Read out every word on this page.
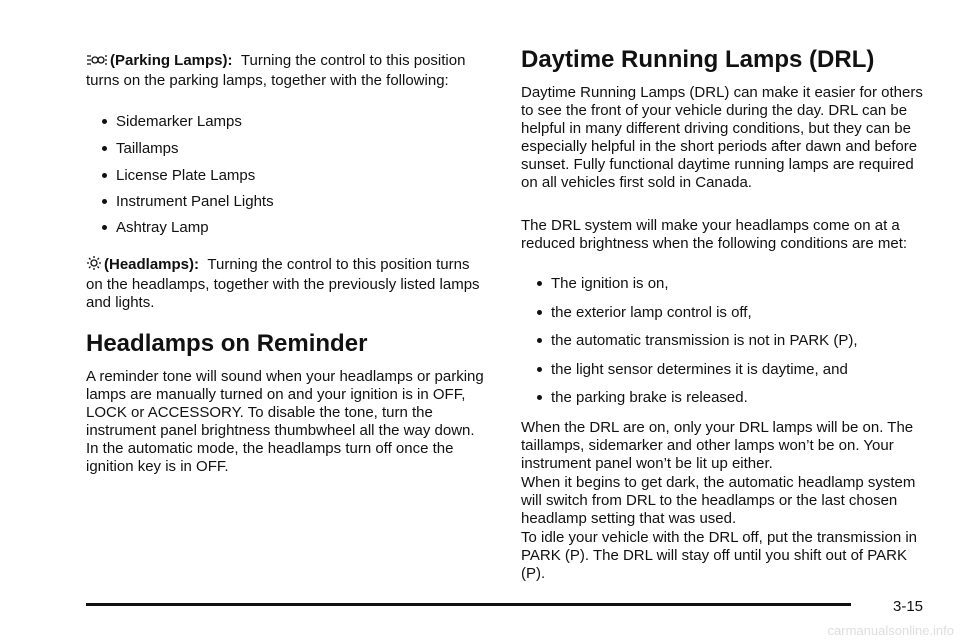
(Parking Lamps): Turning the control to this position turns on the parking lamps, together with the following:

Sidemarker Lamps
Taillamps
License Plate Lamps
Instrument Panel Lights
Ashtray Lamp

(Headlamps): Turning the control to this position turns on the headlamps, together with the previously listed lamps and lights.

Headlamps on Reminder

A reminder tone will sound when your headlamps or parking lamps are manually turned on and your ignition is in OFF, LOCK or ACCESSORY. To disable the tone, turn the instrument panel brightness thumbwheel all the way down. In the automatic mode, the headlamps turn off once the ignition key is in OFF.

Daytime Running Lamps (DRL)

Daytime Running Lamps (DRL) can make it easier for others to see the front of your vehicle during the day. DRL can be helpful in many different driving conditions, but they can be especially helpful in the short periods after dawn and before sunset. Fully functional daytime running lamps are required on all vehicles first sold in Canada.

The DRL system will make your headlamps come on at a reduced brightness when the following conditions are met:

The ignition is on,
the exterior lamp control is off,
the automatic transmission is not in PARK (P),
the light sensor determines it is daytime, and
the parking brake is released.

When the DRL are on, only your DRL lamps will be on. The taillamps, sidemarker and other lamps won’t be on. Your instrument panel won’t be lit up either.

When it begins to get dark, the automatic headlamp system will switch from DRL to the headlamps or the last chosen headlamp setting that was used.

To idle your vehicle with the DRL off, put the transmission in PARK (P). The DRL will stay off until you shift out of PARK (P).

3-15
carmanualsonline.info
